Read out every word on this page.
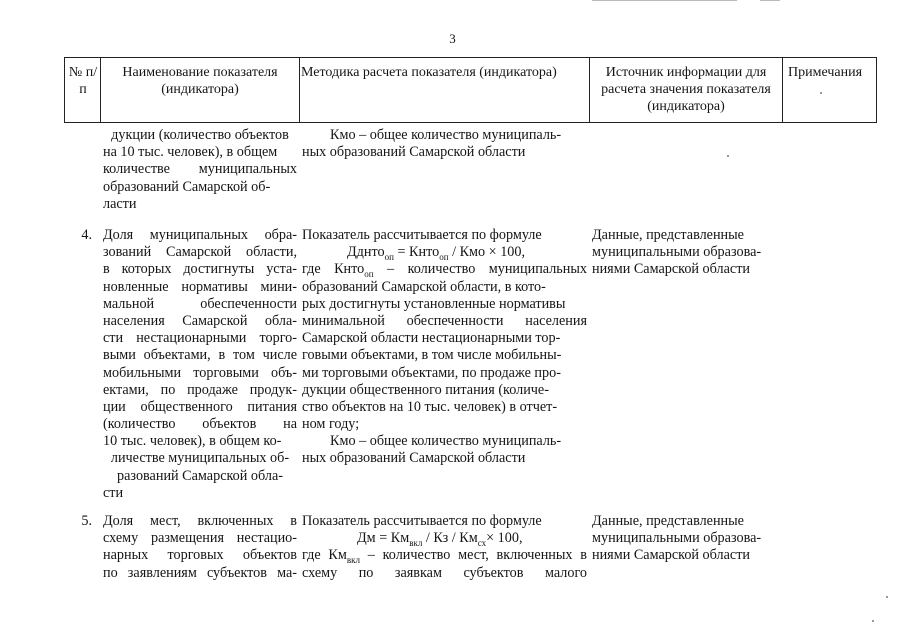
3
№ п/п
Наименование показателя (индикатора)
Методика расчета показателя (индикатора)	Источник информации для расчета значения показателя (индикатора)
Примечания
дукции (количество объектов
на 10 тыс. человек), в общем
количестве муниципальных
образований Самарской об-
ласти
Кмо – общее количество муниципаль-
ных образований Самарской области
4. Доля муниципальных обра-
зований Самарской области,
в которых достигнуты уста-
новленные нормативы мини-
мальной обеспеченности
населения Самарской обла-
сти нестационарными торго-
выми объектами, в том числе
мобильными торговыми объ-
ектами, по продаже продук-
ции общественного питания
(количество объектов на
10 тыс. человек), в общем ко-
личестве муниципальных об-
разований Самарской обла-
сти
Показатель рассчитывается по формуле
Дднто$_{оп}$ = Кнто$_{оп}$ / Кмо × 100,
где Кнто$_{оп}$ – количество муниципальных
образований Самарской области, в кото-
рых достигнуты установленные нормативы
минимальной обеспеченности населения
Самарской области нестационарными тор-
говыми объектами, в том числе мобильны-
ми торговыми объектами, по продаже про-
дукции общественного питания (количе-
ство объектов на 10 тыс. человек) в отчет-
ном году;
Кмо – общее количество муниципаль-
ных образований Самарской области
Данные, представленные
муниципальными образова-
ниями Самарской области
5. Доля мест, включенных в
схему размещения нестацио-
нарных торговых объектов
по заявлениям субъектов ма-
Показатель рассчитывается по формуле
Дм = $Км_{вкл}$ / Кз / $Км_{сх}\times 100$,
где $Км_{вкл}$ – количество мест, включенных в
схему по заявкам субъектов малого
Данные, представленные
муниципальными образова-
ниями Самарской области
